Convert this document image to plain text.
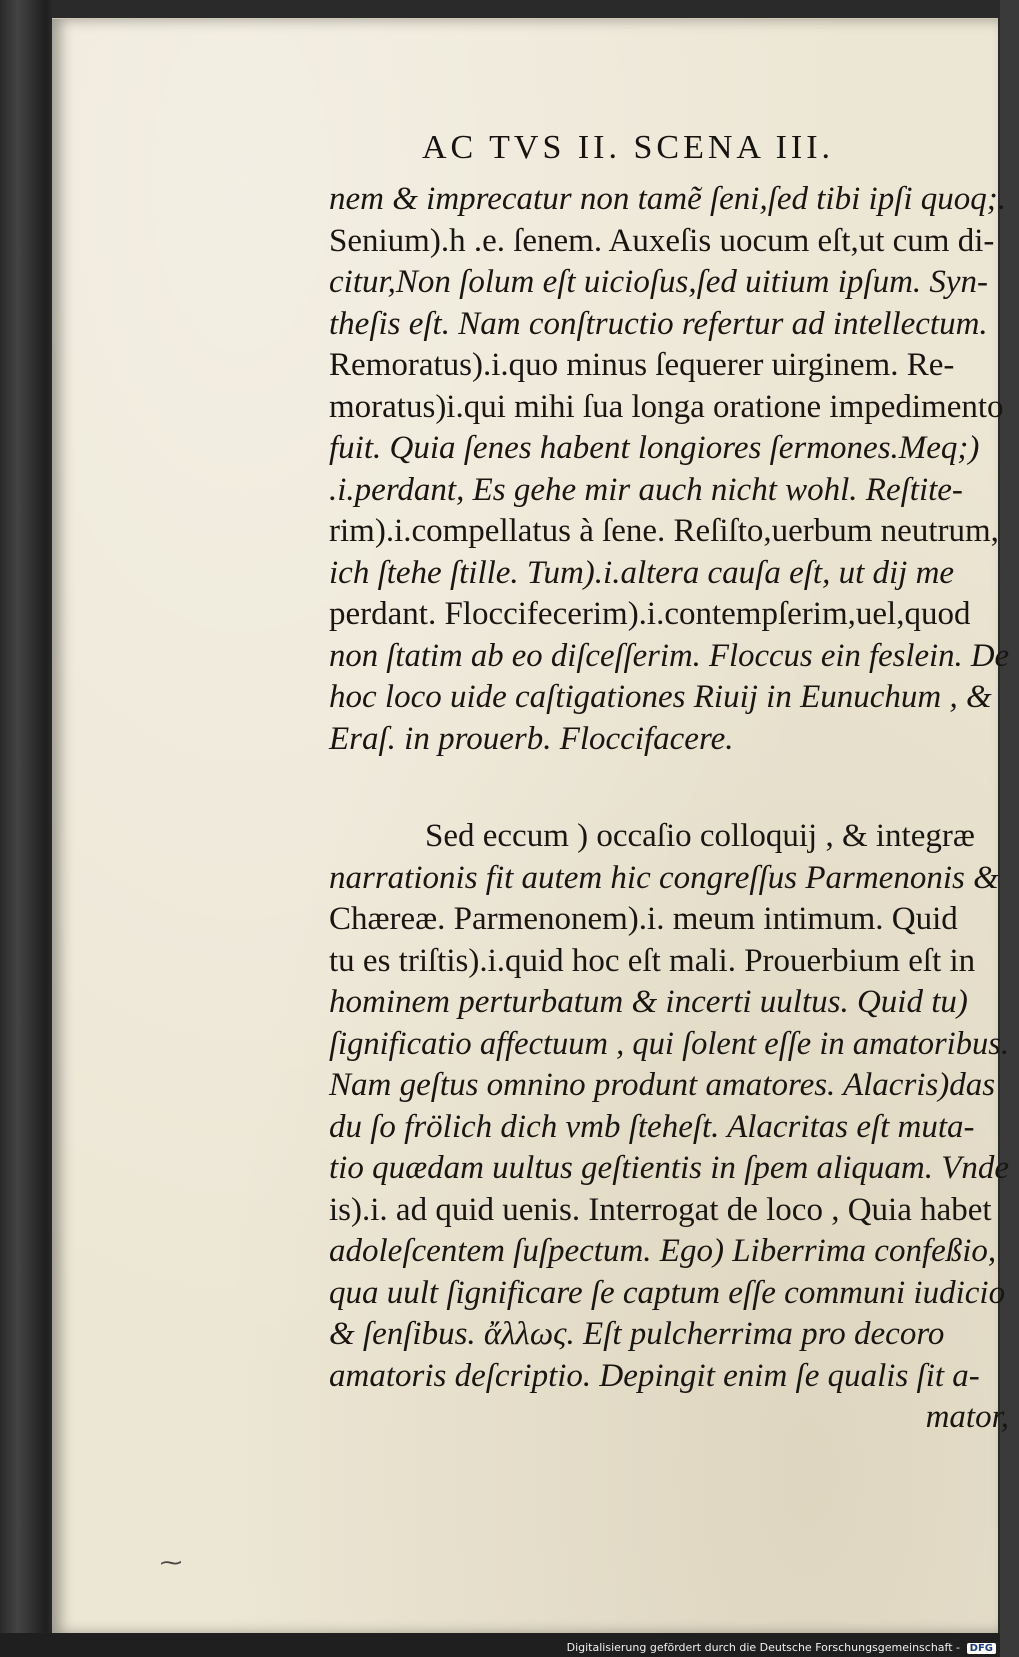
AC TVS II. SCENA III.
nem & imprecatur non tamẽ ſeni,ſed tibi ipſi quoq;.
Senium).h .e. ſenem. Auxeſis uocum eſt,ut cum di-
citur,Non ſolum eſt uicioſus,ſed uitium ipſum. Syn-
theſis eſt. Nam conſtructio refertur ad intellectum.
Remoratus).i.quo minus ſequerer uirginem. Re-
moratus)i.qui mihi ſua longa oratione impedimento
fuit. Quia ſenes habent longiores ſermones.Meq;)
.i.perdant, Es gehe mir auch nicht wohl. Reſtite-
rim).i.compellatus à ſene. Reſiſto,uerbum neutrum,
ich ſtehe ſtille. Tum).i.altera cauſa eſt, ut dij me
perdant. Floccifecerim).i.contempſerim,uel,quod
non ſtatim ab eo diſceſſerim. Floccus ein feslein. De
hoc loco uide caſtigationes Riuij in Eunuchum , &
Eraſ. in prouerb. Floccifacere.
Sed eccum ) occaſio colloquij , & integræ
narrationis fit autem hic congreſſus Parmenonis &
Chæreæ. Parmenonem).i. meum intimum. Quid
tu es triſtis).i.quid hoc eſt mali. Prouerbium eſt in
hominem perturbatum & incerti uultus. Quid tu)
ſignificatio affectuum , qui ſolent eſſe in amatoribus.
Nam geſtus omnino produnt amatores. Alacris)das
du ſo frölich dich vmb ſteheſt. Alacritas eſt muta-
tio quædam uultus geſtientis in ſpem aliquam. Vnde
is).i. ad quid uenis. Interrogat de loco , Quia habet
adoleſcentem ſuſpectum. Ego) Liberrima confeßio,
qua uult ſignificare ſe captum eſſe communi iudicio
& ſenſibus. ἄλλως. Eſt pulcherrima pro decoro
amatoris deſcriptio. Depingit enim ſe qualis ſit a-
mator,
⁓
Digitalisierung gefördert durch die Deutsche Forschungsgemeinschaft - DFG
